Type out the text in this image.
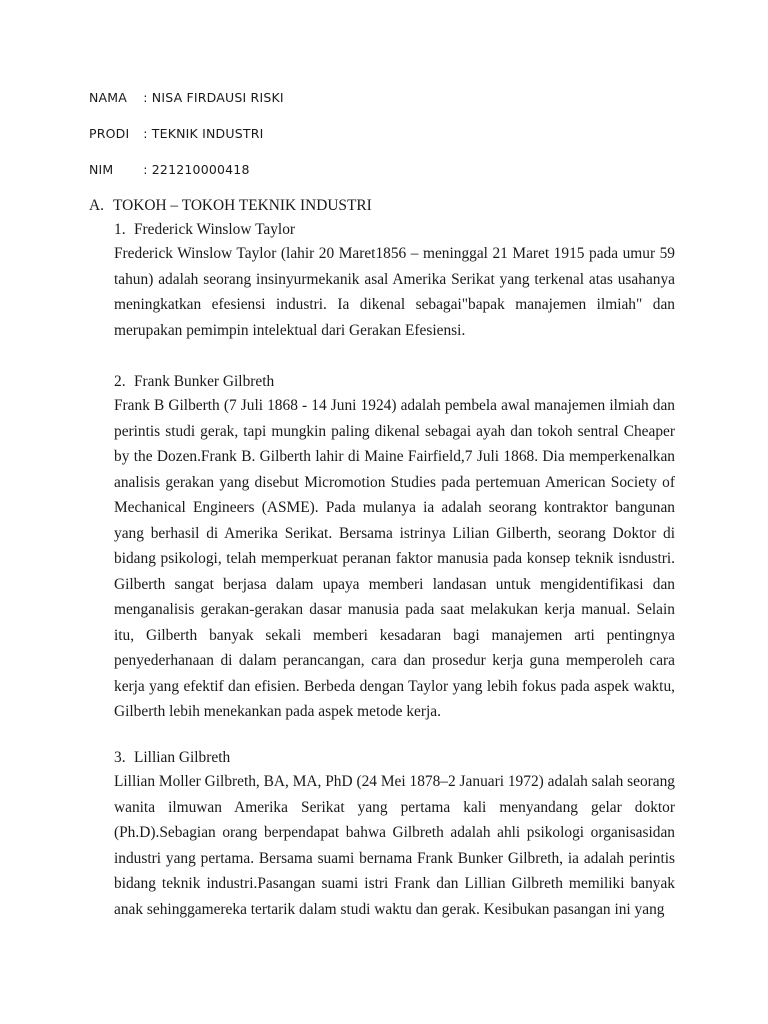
NAMA : NISA FIRDAUSI RISKI
PRODI : TEKNIK INDUSTRI
NIM : 221210000418
A. TOKOH – TOKOH TEKNIK INDUSTRI
1. Frederick Winslow Taylor

Frederick Winslow Taylor (lahir 20 Maret1856 – meninggal 21 Maret 1915 pada umur 59 tahun) adalah seorang insinyurmekanik asal Amerika Serikat yang terkenal atas usahanya meningkatkan efesiensi industri. Ia dikenal sebagai"bapak manajemen ilmiah" dan merupakan pemimpin intelektual dari Gerakan Efesiensi.

2. Frank Bunker Gilbreth

Frank B Gilberth (7 Juli 1868 - 14 Juni 1924) adalah pembela awal manajemen ilmiah dan perintis studi gerak, tapi mungkin paling dikenal sebagai ayah dan tokoh sentral Cheaper by the Dozen.Frank B. Gilberth lahir di Maine Fairfield,7 Juli 1868. Dia memperkenalkan analisis gerakan yang disebut Micromotion Studies pada pertemuan American Society of Mechanical Engineers (ASME). Pada mulanya ia adalah seorang kontraktor bangunan yang berhasil di Amerika Serikat. Bersama istrinya Lilian Gilberth, seorang Doktor di bidang psikologi, telah memperkuat peranan faktor manusia pada konsep teknik isndustri. Gilberth sangat berjasa dalam upaya memberi landasan untuk mengidentifikasi dan menganalisis gerakan-gerakan dasar manusia pada saat melakukan kerja manual. Selain itu, Gilberth banyak sekali memberi kesadaran bagi manajemen arti pentingnya penyederhanaan di dalam perancangan, cara dan prosedur kerja guna memperoleh cara kerja yang efektif dan efisien. Berbeda dengan Taylor yang lebih fokus pada aspek waktu, Gilberth lebih menekankan pada aspek metode kerja.

3. Lillian Gilbreth

Lillian Moller Gilbreth, BA, MA, PhD (24 Mei 1878–2 Januari 1972) adalah salah seorang wanita ilmuwan Amerika Serikat yang pertama kali menyandang gelar doktor (Ph.D).Sebagian orang berpendapat bahwa Gilbreth adalah ahli psikologi organisasidan industri yang pertama. Bersama suami bernama Frank Bunker Gilbreth, ia adalah perintis bidang teknik industri.Pasangan suami istri Frank dan Lillian Gilbreth memiliki banyak anak sehinggamereka tertarik dalam studi waktu dan gerak. Kesibukan pasangan ini yang
